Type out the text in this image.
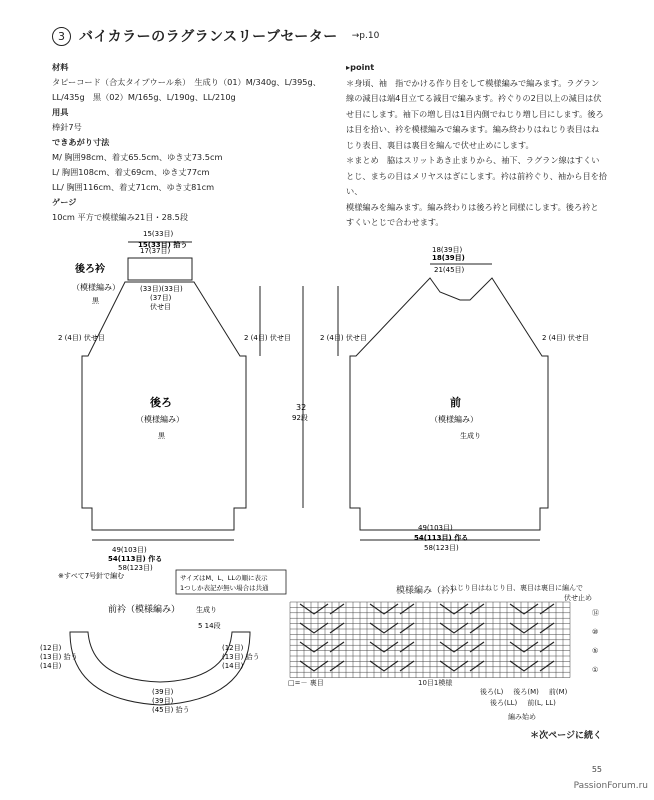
3	バイカラーのラグランスリーブセーター →p.10
材料
タピーコード（合太タイプウール糸）　生成り（01）M/340g、L/395g、
LL/435g　黒（02）M/165g、L/190g、LL/210g
用具
棒針7号
できあがり寸法
M/ 胸囲98cm、着丈65.5cm、ゆき丈73.5cm
L/ 胸囲108cm、着丈69cm、ゆき丈77cm
LL/ 胸囲116cm、着丈71cm、ゆき丈81cm
ゲージ
10cm 平方で模様編み21目・28.5段
▸point
＊身頃、袖　指でかける作り目をして模様編みで編みます。ラグラン
線の減目は端4目立てる減目で編みます。衿ぐりの2目以上の減目は伏
せ目にします。袖下の増し目は1目内側でねじり増し目にします。後ろ
は目を拾い、衿を模様編みで編みます。編み終わりはねじり表目はね
じり表目、裏目は裏目を編んで伏せ止めにします。
＊まとめ　脇はスリットあき止まりから、袖下、ラグラン線はすくい
とじ、まちの目はメリヤスはぎにします。衿は前衿ぐり、袖から目を拾い、
模様編みを編みます。編み終わりは後ろ衿と同様にします。後ろ衿と
すくいとじで合わせます。
後ろ衿
（模様編み）
黒
15(33目)
15(33目) 拾う
17(37目)
(33目)(33目)
(37目)
伏せ目
後ろ
（模様編み）
黒
49(103目)
54(113目) 作る
58(123目)
2 (4目) 伏せ目	2 (4目) 伏せ目
18(39目)
18(39目)
21(45目)
前
（模様編み）
生成り
49(103目)
54(113目) 作る
58(123目)
2 (4目) 伏せ目	2 (4目) 伏せ目
32
92段
※すべて7号針で編む	サイズはM、L、LLの順に表示
1つしか表記が無い場合は共通
前衿（模様編み） 生成り
5 14段
(12目)
(13目) 拾う
(14目)
(12目)
(13目) 拾う
(14目)
(39目)
(39目)
(45目) 拾う
模様編み（衿）
ねじり目はねじり目、裏目は裏目に編んで
伏せ止め
□=－ 裏目	10目1模様
後ろ(L) 後ろ(M) 前(M)
後ろ(LL) 前(L, LL)
編み始め
⑭
⑩
⑤
①
＊次ページに続く
55
PassionForum.ru
